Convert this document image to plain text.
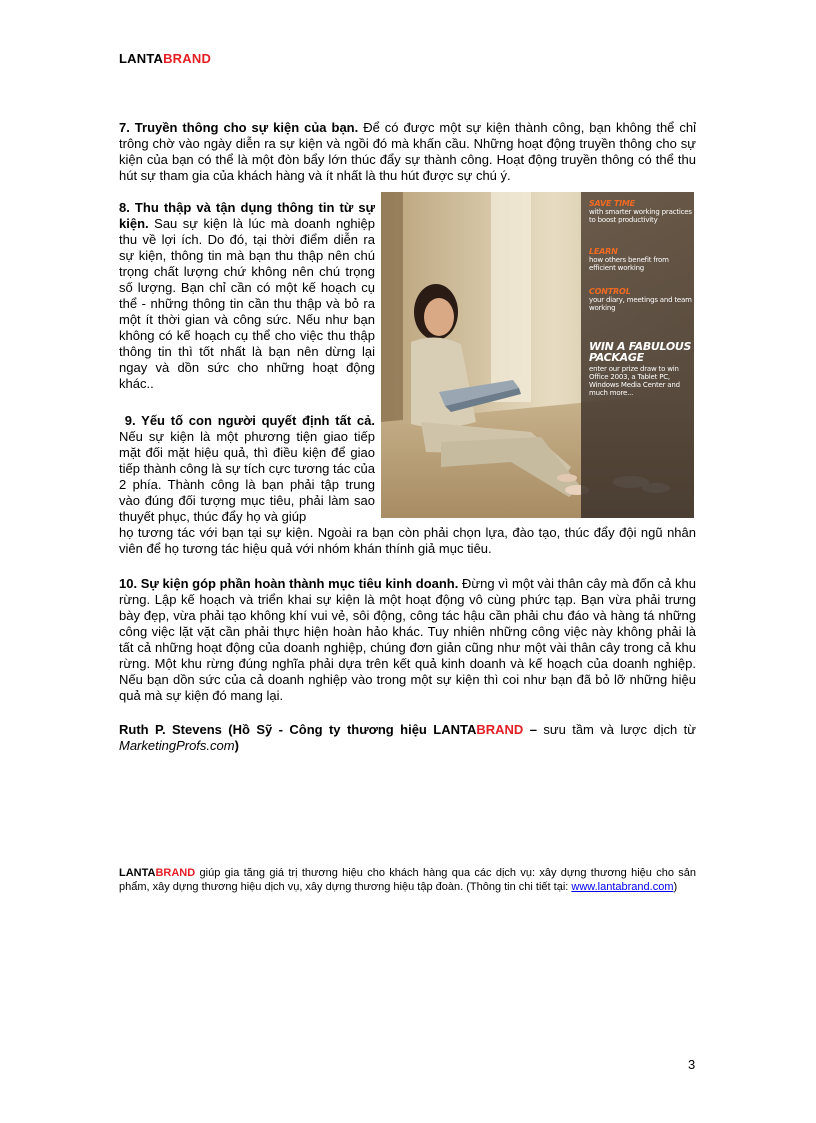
LANTABRAND
7. Truyền thông cho sự kiện của bạn. Để có được một sự kiện thành công, bạn không thể chỉ trông chờ vào ngày diễn ra sự kiện và ngồi đó mà khấn cầu. Những hoạt động truyền thông cho sự kiện của bạn có thể là một đòn bẩy lớn thúc đẩy sự thành công. Hoạt động truyền thông có thể thu hút sự tham gia của khách hàng và ít nhất là thu hút được sự chú ý.
8. Thu thập và tận dụng thông tin từ sự kiện. Sau sự kiện là lúc mà doanh nghiệp thu về lợi ích. Do đó, tại thời điểm diễn ra sự kiện, thông tin mà bạn thu thập nên chú trọng chất lượng chứ không nên chú trọng số lượng. Bạn chỉ cần có một kế hoạch cụ thể - những thông tin cần thu thập và bỏ ra một ít thời gian và công sức. Nếu như bạn không có kế hoạch cụ thể cho việc thu thập thông tin thì tốt nhất là bạn nên dừng lại ngay và dồn sức cho những hoạt động khác..
9. Yếu tố con người quyết định tất cả. Nếu sự kiện là một phương tiện giao tiếp mặt đối mặt hiệu quả, thì điều kiện để giao tiếp thành công là sự tích cực tương tác của 2 phía. Thành công là bạn phải tập trung vào đúng đối tượng mục tiêu, phải làm sao thuyết phục, thúc đẩy họ và giúp
họ tương tác với bạn tại sự kiện. Ngoài ra bạn còn phải chọn lựa, đào tạo, thúc đẩy đội ngũ nhân viên để họ tương tác hiệu quả với nhóm khán thính giả mục tiêu.
SAVE TIME
with smarter working practices to boost productivity
LEARN
how others benefit from efficient working
CONTROL
your diary, meetings and team working
WIN A FABULOUS PACKAGE
enter our prize draw to win Office 2003, a Tablet PC, Windows Media Center and much more...
10. Sự kiện góp phần hoàn thành mục tiêu kinh doanh. Đừng vì một vài thân cây mà đốn cả khu rừng. Lập kế hoạch và triển khai sự kiện là một hoạt động vô cùng phức tạp. Bạn vừa phải trưng bày đẹp, vừa phải tạo không khí vui vẻ, sôi động, công tác hậu cần phải chu đáo và hàng tá những công việc lặt vặt cần phải thực hiện hoàn hảo khác. Tuy nhiên những công việc này không phải là tất cả những hoạt động của doanh nghiệp, chúng đơn giản cũng như một vài thân cây trong cả khu rừng. Một khu rừng đúng nghĩa phải dựa trên kết quả kinh doanh và kế hoạch của doanh nghiệp. Nếu bạn dồn sức của cả doanh nghiệp vào trong một sự kiện thì coi như bạn đã bỏ lỡ những hiệu quả mà sự kiện đó mang lại.
Ruth P. Stevens (Hồ Sỹ - Công ty thương hiệu LANTABRAND – sưu tầm và lược dịch từ MarketingProfs.com)
LANTABRAND giúp gia tăng giá trị thương hiệu cho khách hàng qua các dịch vụ: xây dựng thương hiệu cho sản phẩm, xây dựng thương hiệu dịch vụ, xây dựng thương hiệu tập đoàn. (Thông tin chi tiết tại: www.lantabrand.com)
3
